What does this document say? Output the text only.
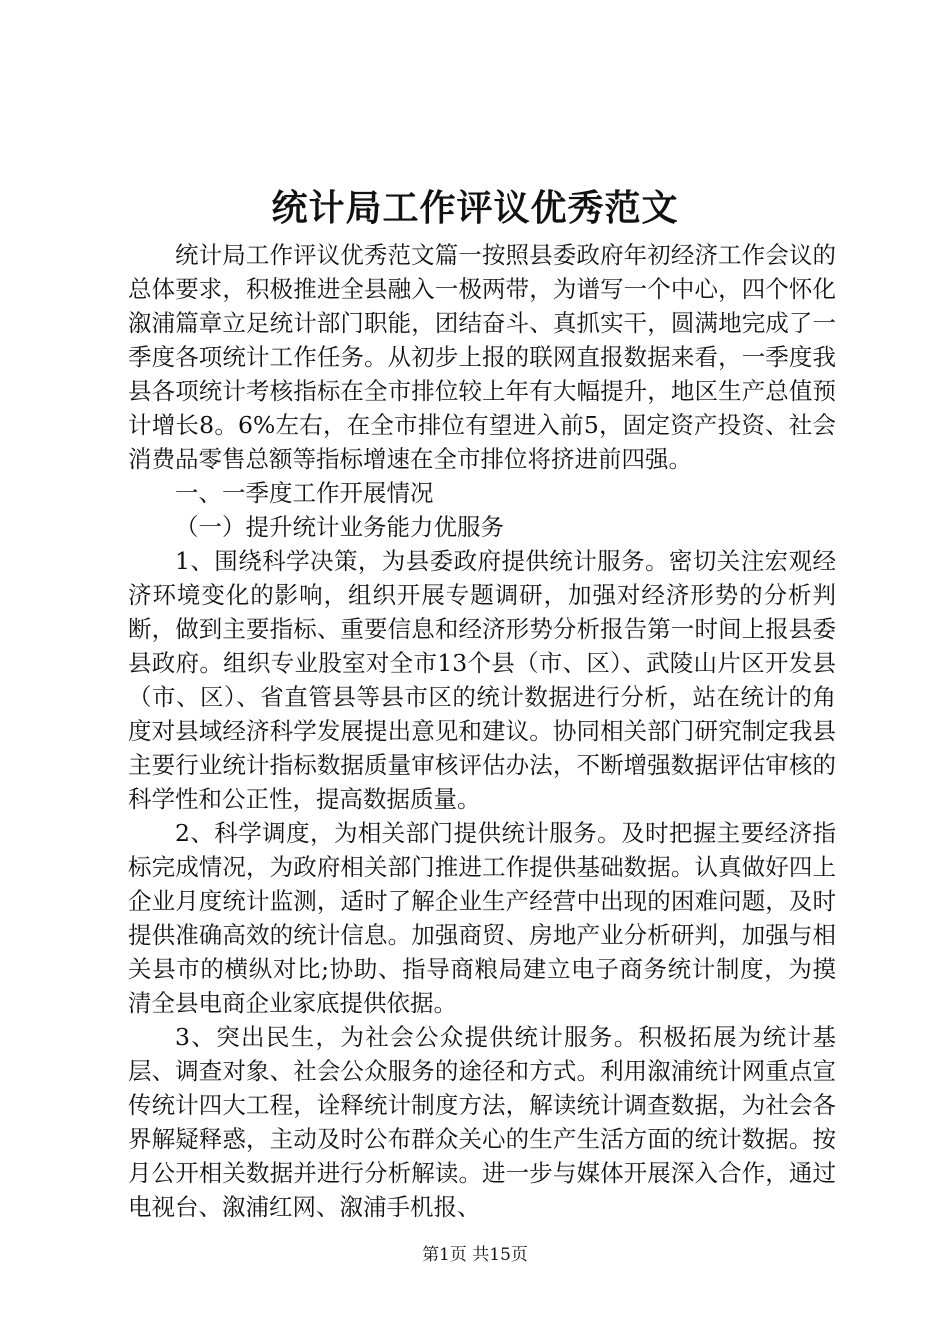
统计局工作评议优秀范文

统计局工作评议优秀范文篇一按照县委政府年初经济工作会议的总体要求，积极推进全县融入一极两带，为谱写一个中心，四个怀化溆浦篇章立足统计部门职能，团结奋斗、真抓实干，圆满地完成了一季度各项统计工作任务。从初步上报的联网直报数据来看，一季度我县各项统计考核指标在全市排位较上年有大幅提升，地区生产总值预计增长8。6%左右，在全市排位有望进入前5，固定资产投资、社会消费品零售总额等指标增速在全市排位将挤进前四强。

一、一季度工作开展情况

（一）提升统计业务能力优服务

1、围绕科学决策，为县委政府提供统计服务。密切关注宏观经济环境变化的影响，组织开展专题调研，加强对经济形势的分析判断，做到主要指标、重要信息和经济形势分析报告第一时间上报县委县政府。组织专业股室对全市13个县（市、区）、武陵山片区开发县（市、区）、省直管县等县市区的统计数据进行分析，站在统计的角度对县域经济科学发展提出意见和建议。协同相关部门研究制定我县主要行业统计指标数据质量审核评估办法，不断增强数据评估审核的科学性和公正性，提高数据质量。

2、科学调度，为相关部门提供统计服务。及时把握主要经济指标完成情况，为政府相关部门推进工作提供基础数据。认真做好四上企业月度统计监测，适时了解企业生产经营中出现的困难问题，及时提供准确高效的统计信息。加强商贸、房地产业分析研判，加强与相关县市的横纵对比;协助、指导商粮局建立电子商务统计制度，为摸清全县电商企业家底提供依据。

3、突出民生，为社会公众提供统计服务。积极拓展为统计基层、调查对象、社会公众服务的途径和方式。利用溆浦统计网重点宣传统计四大工程，诠释统计制度方法，解读统计调查数据，为社会各界解疑释惑，主动及时公布群众关心的生产生活方面的统计数据。按月公开相关数据并进行分析解读。进一步与媒体开展深入合作，通过电视台、溆浦红网、溆浦手机报、

第1页 共15页
